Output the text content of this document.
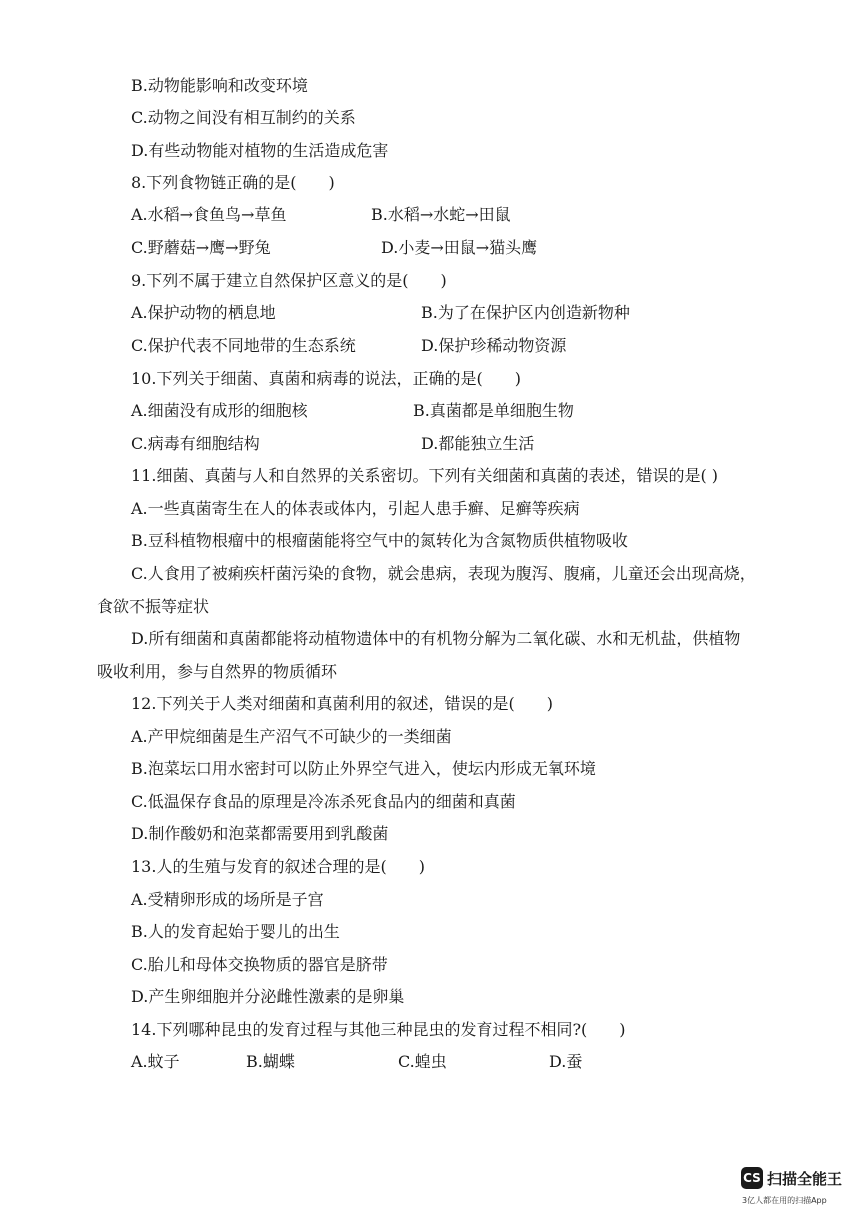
B.动物能影响和改变环境
C.动物之间没有相互制约的关系
D.有些动物能对植物的生活造成危害
8.下列食物链正确的是(　　)
A.水稻→食鱼鸟→草鱼	B.水稻→水蛇→田鼠
C.野蘑菇→鹰→野兔	D.小麦→田鼠→猫头鹰
9.下列不属于建立自然保护区意义的是(　　)
A.保护动物的栖息地	B.为了在保护区内创造新物种
C.保护代表不同地带的生态系统	D.保护珍稀动物资源
10.下列关于细菌、真菌和病毒的说法，正确的是(　　)
A.细菌没有成形的细胞核	B.真菌都是单细胞生物
C.病毒有细胞结构	D.都能独立生活
11.细菌、真菌与人和自然界的关系密切。下列有关细菌和真菌的表述，错误的是( )
A.一些真菌寄生在人的体表或体内，引起人患手癣、足癣等疾病
B.豆科植物根瘤中的根瘤菌能将空气中的氮转化为含氮物质供植物吸收
C.人食用了被痢疾杆菌污染的食物，就会患病，表现为腹泻、腹痛，儿童还会出现高烧，
食欲不振等症状
D.所有细菌和真菌都能将动植物遗体中的有机物分解为二氧化碳、水和无机盐，供植物
吸收利用，参与自然界的物质循环
12.下列关于人类对细菌和真菌利用的叙述，错误的是(　　)
A.产甲烷细菌是生产沼气不可缺少的一类细菌
B.泡菜坛口用水密封可以防止外界空气进入，使坛内形成无氧环境
C.低温保存食品的原理是冷冻杀死食品内的细菌和真菌
D.制作酸奶和泡菜都需要用到乳酸菌
13.人的生殖与发育的叙述合理的是(　　)
A.受精卵形成的场所是子宫
B.人的发育起始于婴儿的出生
C.胎儿和母体交换物质的器官是脐带
D.产生卵细胞并分泌雌性激素的是卵巢
14.下列哪种昆虫的发育过程与其他三种昆虫的发育过程不相同?(　　)
A.蚊子	B.蝴蝶	C.蝗虫	D.蚕
CS 扫描全能王
3亿人都在用的扫描App
